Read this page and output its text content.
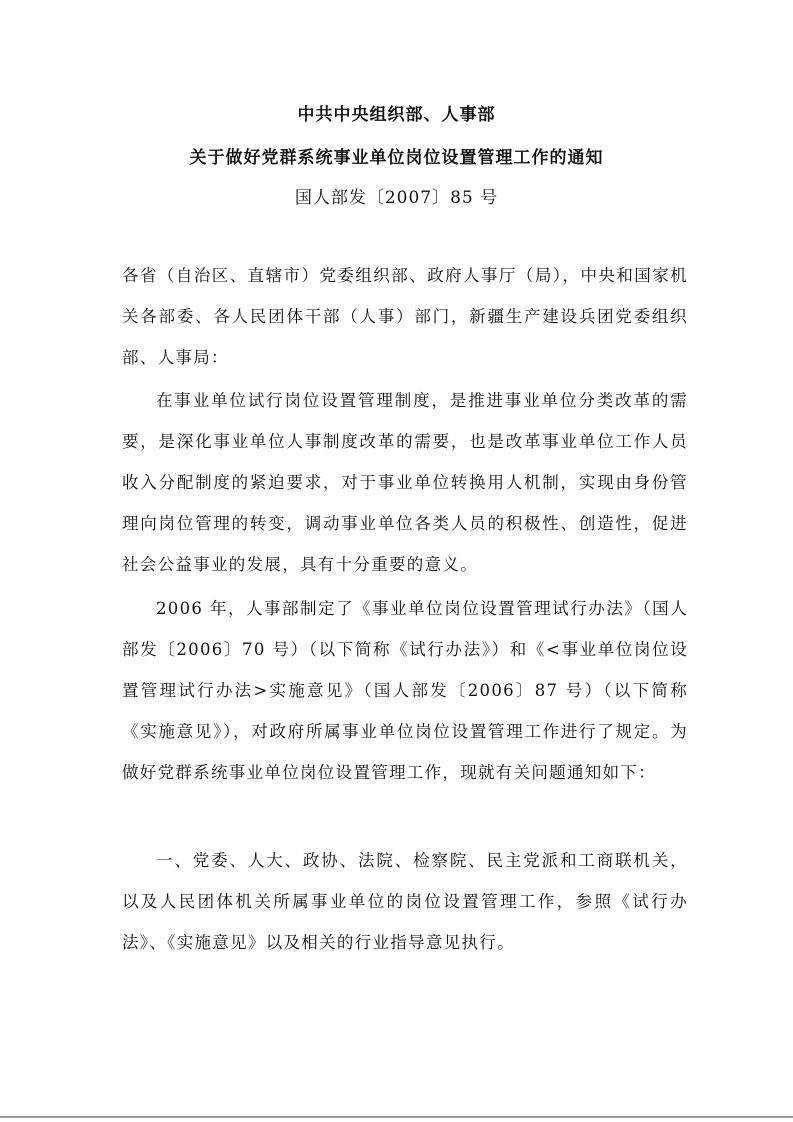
中共中央组织部、人事部
关于做好党群系统事业单位岗位设置管理工作的通知
国人部发〔2007〕85 号
各省（自治区、直辖市）党委组织部、政府人事厅（局），中央和国家机关各部委、各人民团体干部（人事）部门，新疆生产建设兵团党委组织部、人事局：
在事业单位试行岗位设置管理制度，是推进事业单位分类改革的需要，是深化事业单位人事制度改革的需要，也是改革事业单位工作人员收入分配制度的紧迫要求，对于事业单位转换用人机制，实现由身份管理向岗位管理的转变，调动事业单位各类人员的积极性、创造性，促进社会公益事业的发展，具有十分重要的意义。
2006 年，人事部制定了《事业单位岗位设置管理试行办法》（国人部发〔2006〕70 号）（以下简称《试行办法》）和《<事业单位岗位设置管理试行办法>实施意见》（国人部发〔2006〕87 号）（以下简称《实施意见》），对政府所属事业单位岗位设置管理工作进行了规定。为做好党群系统事业单位岗位设置管理工作，现就有关问题通知如下：
一、党委、人大、政协、法院、检察院、民主党派和工商联机关，以及人民团体机关所属事业单位的岗位设置管理工作，参照《试行办法》、《实施意见》以及相关的行业指导意见执行。
